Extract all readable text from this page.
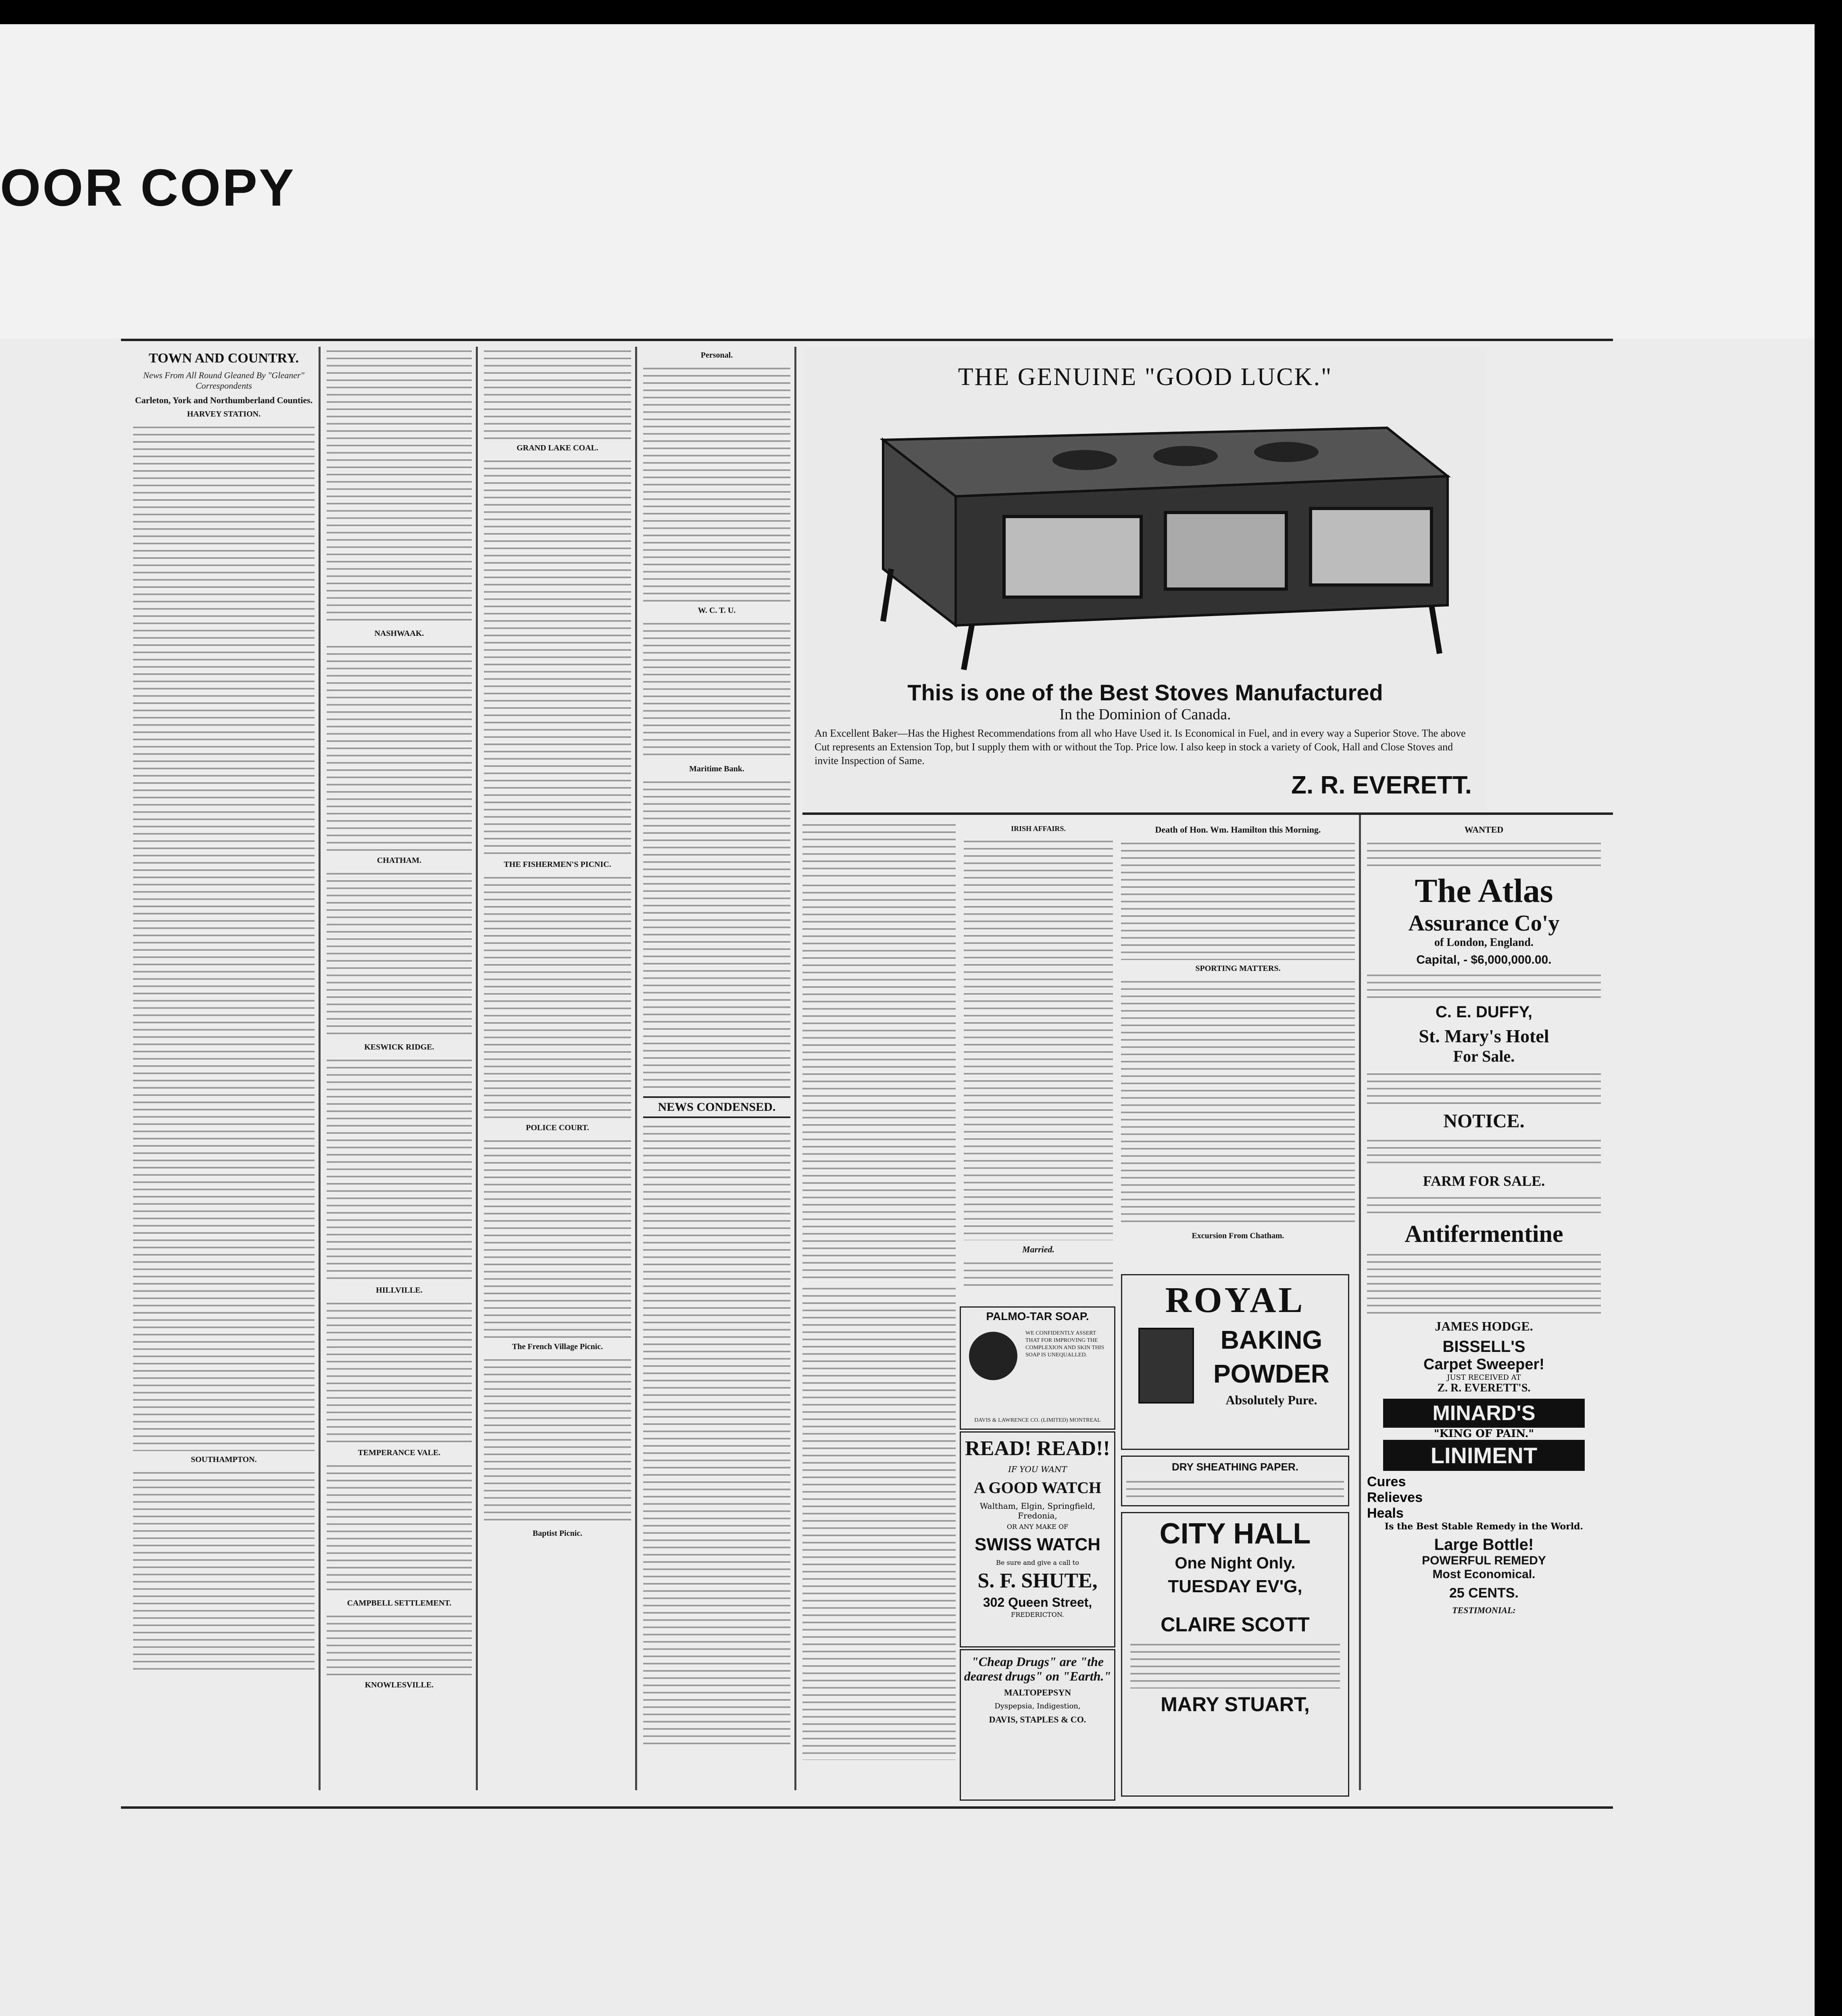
OOR COPY
TOWN AND COUNTRY.
News From All Round Gleaned By "Gleaner" Correspondents
Carleton, York and Northumberland Counties.
HARVEY STATION.
SOUTHAMPTON.
NASHWAAK.
CHATHAM.
KESWICK RIDGE.
HILLVILLE.
TEMPERANCE VALE.
CAMPBELL SETTLEMENT.
KNOWLESVILLE.
GRAND LAKE COAL.
THE FISHERMEN'S PICNIC.
POLICE COURT.
The French Village Picnic.
Baptist Picnic.
Personal.
W. C. T. U.
Maritime Bank.
NEWS CONDENSED.
THE GENUINE "GOOD LUCK."
This is one of the Best Stoves Manufactured
In the Dominion of Canada.
An Excellent Baker—Has the Highest Recommendations from all who Have Used it. Is Economical in Fuel, and in every way a Superior Stove. The above Cut represents an Extension Top, but I supply them with or without the Top. Price low. I also keep in stock a variety of Cook, Hall and Close Stoves and invite Inspection of Same.
Z. R. EVERETT.
IRISH AFFAIRS.
Married.
PALMO-TAR SOAP.
WE CONFIDENTLY ASSERT THAT FOR IMPROVING THE COMPLEXION AND SKIN THIS SOAP IS UNEQUALLED.
DAVIS & LAWRENCE CO. (LIMITED) MONTREAL
READ! READ!!
IF YOU WANT
A GOOD WATCH
Waltham, Elgin, Springfield, Fredonia,
OR ANY MAKE OF
SWISS WATCH
Be sure and give a call to
S. F. SHUTE,
302 Queen Street,
FREDERICTON.
"Cheap Drugs" are "the dearest drugs" on "Earth."
MALTOPEPSYN
Dyspepsia, Indigestion,
DAVIS, STAPLES & CO.
Death of Hon. Wm. Hamilton this Morning.
SPORTING MATTERS.
Excursion From Chatham.
ROYAL
BAKING
POWDER
Absolutely Pure.
DRY SHEATHING PAPER.
CITY HALL
One Night Only.
TUESDAY EV'G,
CLAIRE SCOTT
MARY STUART,
WANTED
The Atlas
Assurance Co'y
of London, England.
Capital, - $6,000,000.00.
C. E. DUFFY,
St. Mary's Hotel
For Sale.
NOTICE.
FARM FOR SALE.
Antifermentine
JAMES HODGE.
BISSELL'S
Carpet Sweeper!
JUST RECEIVED AT
Z. R. EVERETT'S.
MINARD'S
"KING OF PAIN."
LINIMENT
Cures
Relieves
Heals
Is the Best Stable Remedy in the World.
Large Bottle!
POWERFUL REMEDY
Most Economical.
25 CENTS.
TESTIMONIAL:
